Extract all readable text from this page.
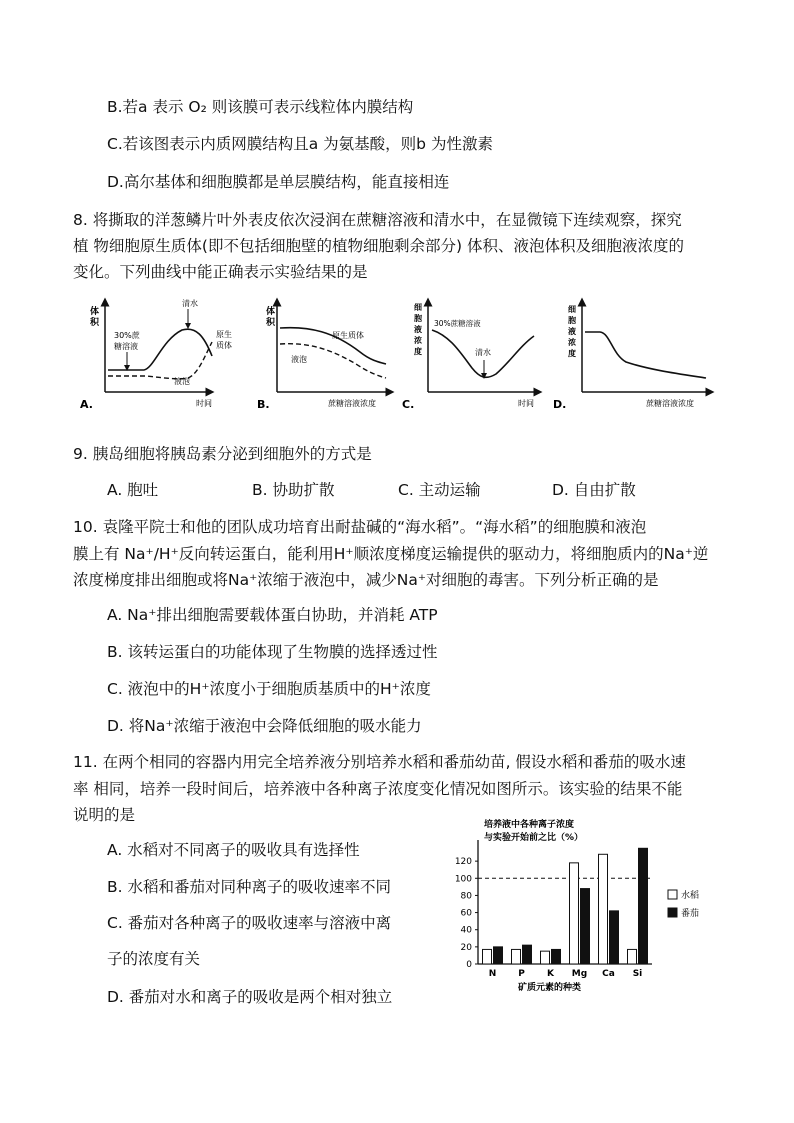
B.若a 表示 O₂ 则该膜可表示线粒体内膜结构
C.若该图表示内质网膜结构且a 为氨基酸，则b 为性激素
D.高尔基体和细胞膜都是单层膜结构，能直接相连
8. 将撕取的洋葱鳞片叶外表皮依次浸润在蔗糖溶液和清水中，在显微镜下连续观察，探究
植 物细胞原生质体(即不包括细胞壁的植物细胞剩余部分) 体积、液泡体积及细胞液浓度的
变化。下列曲线中能正确表示实验结果的是
体
积
30%蔗
糖溶液
清水
原生
质体
液泡
A.	时间
体
积
原生质体
液泡
B.	蔗糖溶液浓度
细
胞
液
浓
度
30%蔗糖溶液
清水
C.	时间
细
胞
液
浓
度
D.	蔗糖溶液浓度
9. 胰岛细胞将胰岛素分泌到细胞外的方式是
A. 胞吐	B. 协助扩散	C. 主动运输	D. 自由扩散
10. 袁隆平院士和他的团队成功培育出耐盐碱的“海水稻”。“海水稻”的细胞膜和液泡
膜上有 Na⁺/H⁺反向转运蛋白，能利用H⁺顺浓度梯度运输提供的驱动力，将细胞质内的Na⁺逆
浓度梯度排出细胞或将Na⁺浓缩于液泡中，减少Na⁺对细胞的毒害。下列分析正确的是
A. Na⁺排出细胞需要载体蛋白协助，并消耗 ATP
B. 该转运蛋白的功能体现了生物膜的选择透过性
C. 液泡中的H⁺浓度小于细胞质基质中的H⁺浓度
D. 将Na⁺浓缩于液泡中会降低细胞的吸水能力
11. 在两个相同的容器内用完全培养液分别培养水稻和番茄幼苗, 假设水稻和番茄的吸水速
率 相同，培养一段时间后，培养液中各种离子浓度变化情况如图所示。该实验的结果不能
说明的是
A. 水稻对不同离子的吸收具有选择性
B. 水稻和番茄对同种离子的吸收速率不同
C. 番茄对各种离子的吸收速率与溶液中离
子的浓度有关
D. 番茄对水和离子的吸收是两个相对独立
培养液中各种离子浓度
与实验开始前之比（%）
矿质元素的种类
0
20
40
60
80
100
120
N P K Mg Ca Si
水稻
番茄
